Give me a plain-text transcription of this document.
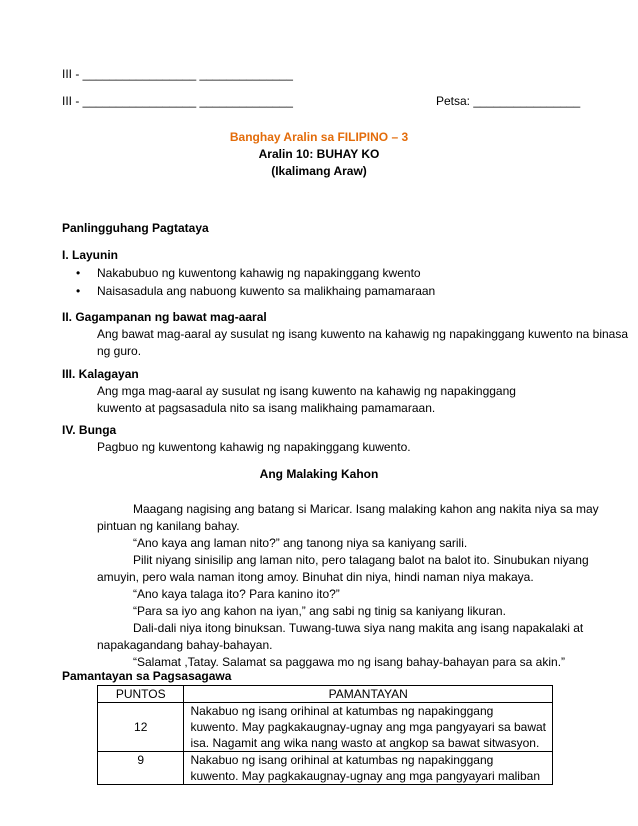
III - _________________ ______________
III - _________________ ______________	Petsa: ________________
Banghay Aralin sa FILIPINO – 3
Aralin 10: BUHAY KO
(Ikalimang Araw)
Panlingguhang Pagtataya
I. Layunin
• Nakabubuo ng kuwentong kahawig ng napakinggang kwento
• Naisasadula ang nabuong kuwento sa malikhaing pamamaraan
II. Gagampanan ng bawat mag-aaral
Ang bawat mag-aaral ay susulat ng isang kuwento na kahawig ng napakinggang kuwento na binasa
ng guro.
III. Kalagayan
Ang mga mag-aaral ay susulat ng isang kuwento na kahawig ng napakinggang
kuwento at pagsasadula nito sa isang malikhaing pamamaraan.
IV. Bunga
Pagbuo ng kuwentong kahawig ng napakinggang kuwento.
Ang Malaking Kahon
Maagang nagising ang batang si Maricar. Isang malaking kahon ang nakita niya sa may
pintuan ng kanilang bahay.
“Ano kaya ang laman nito?” ang tanong niya sa kaniyang sarili.
Pilit niyang sinisilip ang laman nito, pero talagang balot na balot ito. Sinubukan niyang
amuyin, pero wala naman itong amoy. Binuhat din niya, hindi naman niya makaya.
“Ano kaya talaga ito? Para kanino ito?”
“Para sa iyo ang kahon na iyan,” ang sabi ng tinig sa kaniyang likuran.
Dali-dali niya itong binuksan. Tuwang-tuwa siya nang makita ang isang napakalaki at
napakagandang bahay-bahayan.
“Salamat ,Tatay. Salamat sa paggawa mo ng isang bahay-bahayan para sa akin.”
Pamantayan sa Pagsasagawa
PUNTOS	PAMANTAYAN
12	Nakabuo ng isang orihinal at katumbas ng napakinggang
kuwento. May pagkakaugnay-ugnay ang mga pangyayari sa bawat
isa. Nagamit ang wika nang wasto at angkop sa bawat sitwasyon.

9	Nakabuo ng isang orihinal at katumbas ng napakinggang
kuwento. May pagkakaugnay-ugnay ang mga pangyayari maliban
